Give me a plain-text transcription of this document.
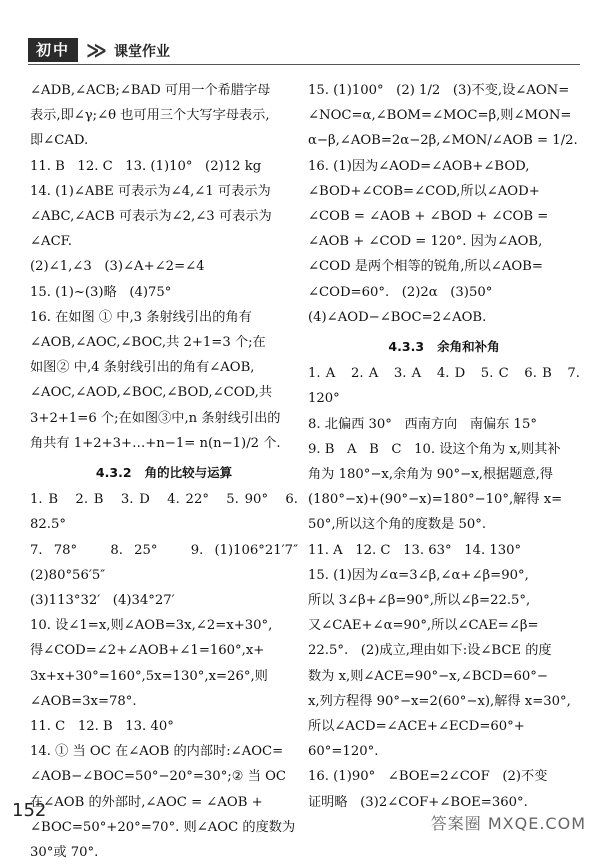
初中 ≫ 课堂作业

∠ADB,∠ACB;∠BAD 可用一个希腊字母

表示,即∠γ;∠θ 也可用三个大写字母表示,

即∠CAD.

11. B   12. C   13. (1)10°   (2)12 kg

14. (1)∠ABE 可表示为∠4,∠1 可表示为

∠ABC,∠ACB 可表示为∠2,∠3 可表示为

∠ACF.

(2)∠1,∠3   (3)∠A+∠2=∠4

15. (1)~(3)略   (4)75°

16. 在如图 ① 中,3 条射线引出的角有

∠AOB,∠AOC,∠BOC,共 2+1=3 个;在

如图② 中,4 条射线引出的角有∠AOB,

∠AOC,∠AOD,∠BOC,∠BOD,∠COD,共

3+2+1=6 个;在如图③中,n 条射线引出的

角共有 1+2+3+…+n−1= n(n−1)/2 个.

4.3.2   角的比较与运算

1. B   2. B   3. D   4. 22°   5. 90°   6. 82.5°

7. 78°   8. 25°   9. (1)106°21′7″   (2)80°56′5″

(3)113°32′   (4)34°27′

10. 设∠1=x,则∠AOB=3x,∠2=x+30°,

得∠COD=∠2+∠AOB+∠1=160°,x+

3x+x+30°=160°,5x=130°,x=26°,则

∠AOB=3x=78°.

11. C   12. B   13. 40°

14. ① 当 OC 在∠AOB 的内部时:∠AOC=

∠AOB−∠BOC=50°−20°=30°;② 当 OC

在∠AOB 的外部时,∠AOC = ∠AOB +

∠BOC=50°+20°=70°. 则∠AOC 的度数为

30°或 70°.

15. (1)100°   (2) 1/2   (3)不变,设∠AON=

∠NOC=α,∠BOM=∠MOC=β,则∠MON=

α−β,∠AOB=2α−2β,∠MON/∠AOB = 1/2.

16. (1)因为∠AOD=∠AOB+∠BOD,

∠BOD+∠COB=∠COD,所以∠AOD+

∠COB = ∠AOB + ∠BOD + ∠COB =

∠AOB + ∠COD = 120°. 因为∠AOB,

∠COD 是两个相等的锐角,所以∠AOB=

∠COD=60°.   (2)2α   (3)50°

(4)∠AOD−∠BOC=2∠AOB.

4.3.3   余角和补角

1. A   2. A   3. A   4. D   5. C   6. B   7. 120°

8. 北偏西 30°   西南方向   南偏东 15°

9. B   A   B   C   10. 设这个角为 x,则其补

角为 180°−x,余角为 90°−x,根据题意,得

(180°−x)+(90°−x)=180°−10°,解得 x=

50°,所以这个角的度数是 50°.

11. A   12. C   13. 63°   14. 130°

15. (1)因为∠α=3∠β,∠α+∠β=90°,

所以 3∠β+∠β=90°,所以∠β=22.5°,

又∠CAE+∠α=90°,所以∠CAE=∠β=

22.5°.   (2)成立,理由如下:设∠BCE 的度

数为 x,则∠ACE=90°−x,∠BCD=60°−

x,列方程得 90°−x=2(60°−x),解得 x=30°,

所以∠ACD=∠ACE+∠ECD=60°+

60°=120°.

16. (1)90°   ∠BOE=2∠COF   (2)不变

证明略   (3)2∠COF+∠BOE=360°.

152
答案圈 MXQE.COM
